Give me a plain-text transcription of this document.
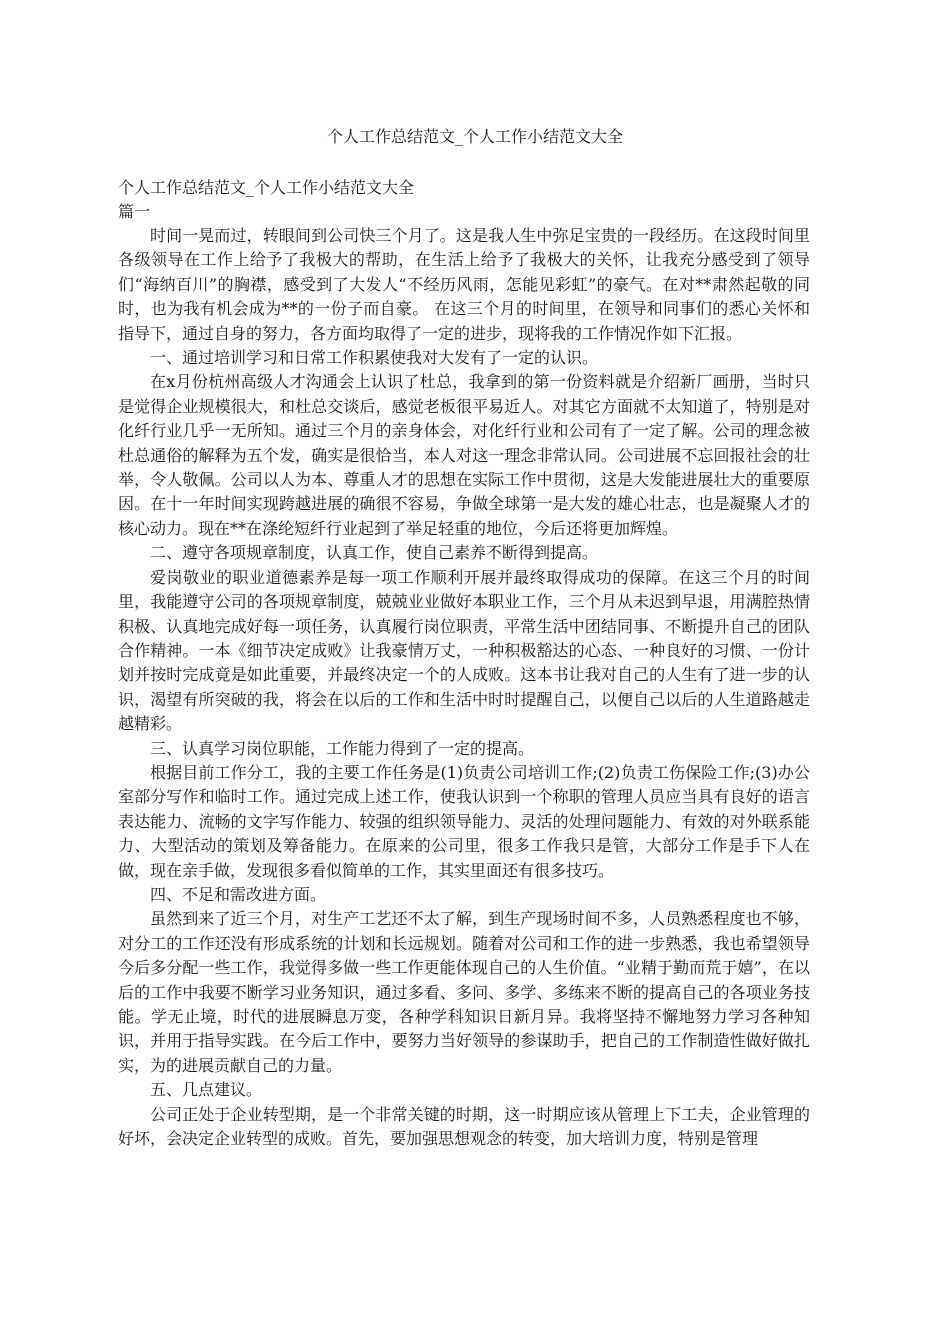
个人工作总结范文_个人工作小结范文大全

个人工作总结范文_个人工作小结范文大全

篇一

时间一晃而过，转眼间到公司快三个月了。这是我人生中弥足宝贵的一段经历。在这段时间里各级领导在工作上给予了我极大的帮助，在生活上给予了我极大的关怀，让我充分感受到了领导们“海纳百川”的胸襟，感受到了大发人“不经历风雨，怎能见彩虹”的豪气。在对**肃然起敬的同时，也为我有机会成为**的一份子而自豪。 在这三个月的时间里，在领导和同事们的悉心关怀和指导下，通过自身的努力，各方面均取得了一定的进步，现将我的工作情况作如下汇报。

一、通过培训学习和日常工作积累使我对大发有了一定的认识。

在x月份杭州高级人才沟通会上认识了杜总，我拿到的第一份资料就是介绍新厂画册，当时只是觉得企业规模很大，和杜总交谈后，感觉老板很平易近人。对其它方面就不太知道了，特别是对化纤行业几乎一无所知。通过三个月的亲身体会，对化纤行业和公司有了一定了解。公司的理念被杜总通俗的解释为五个发，确实是很恰当，本人对这一理念非常认同。公司进展不忘回报社会的壮举，令人敬佩。公司以人为本、尊重人才的思想在实际工作中贯彻，这是大发能进展壮大的重要原因。在十一年时间实现跨越进展的确很不容易，争做全球第一是大发的雄心壮志，也是凝聚人才的核心动力。现在**在涤纶短纤行业起到了举足轻重的地位，今后还将更加辉煌。

二、遵守各项规章制度，认真工作，使自己素养不断得到提高。

爱岗敬业的职业道德素养是每一项工作顺利开展并最终取得成功的保障。在这三个月的时间里，我能遵守公司的各项规章制度，兢兢业业做好本职业工作，三个月从未迟到早退，用满腔热情积极、认真地完成好每一项任务，认真履行岗位职责，平常生活中团结同事、不断提升自己的团队合作精神。一本《细节决定成败》让我豪情万丈，一种积极豁达的心态、一种良好的习惯、一份计划并按时完成竟是如此重要，并最终决定一个的人成败。这本书让我对自己的人生有了进一步的认识，渴望有所突破的我，将会在以后的工作和生活中时时提醒自己，以便自己以后的人生道路越走越精彩。

三、认真学习岗位职能，工作能力得到了一定的提高。

根据目前工作分工，我的主要工作任务是(1)负责公司培训工作;(2)负责工伤保险工作;(3)办公室部分写作和临时工作。通过完成上述工作，使我认识到一个称职的管理人员应当具有良好的语言表达能力、流畅的文字写作能力、较强的组织领导能力、灵活的处理问题能力、有效的对外联系能力、大型活动的策划及筹备能力。在原来的公司里，很多工作我只是管，大部分工作是手下人在做，现在亲手做，发现很多看似简单的工作，其实里面还有很多技巧。

四、不足和需改进方面。

虽然到来了近三个月，对生产工艺还不太了解，到生产现场时间不多，人员熟悉程度也不够，对分工的工作还没有形成系统的计划和长远规划。随着对公司和工作的进一步熟悉，我也希望领导今后多分配一些工作，我觉得多做一些工作更能体现自己的人生价值。“业精于勤而荒于嬉”，在以后的工作中我要不断学习业务知识，通过多看、多问、多学、多练来不断的提高自己的各项业务技能。学无止境，时代的进展瞬息万变，各种学科知识日新月异。我将坚持不懈地努力学习各种知识，并用于指导实践。在今后工作中，要努力当好领导的参谋助手，把自己的工作制造性做好做扎实，为的进展贡献自己的力量。

五、几点建议。

公司正处于企业转型期，是一个非常关键的时期，这一时期应该从管理上下工夫，企业管理的好坏，会决定企业转型的成败。首先，要加强思想观念的转变，加大培训力度，特别是管理
